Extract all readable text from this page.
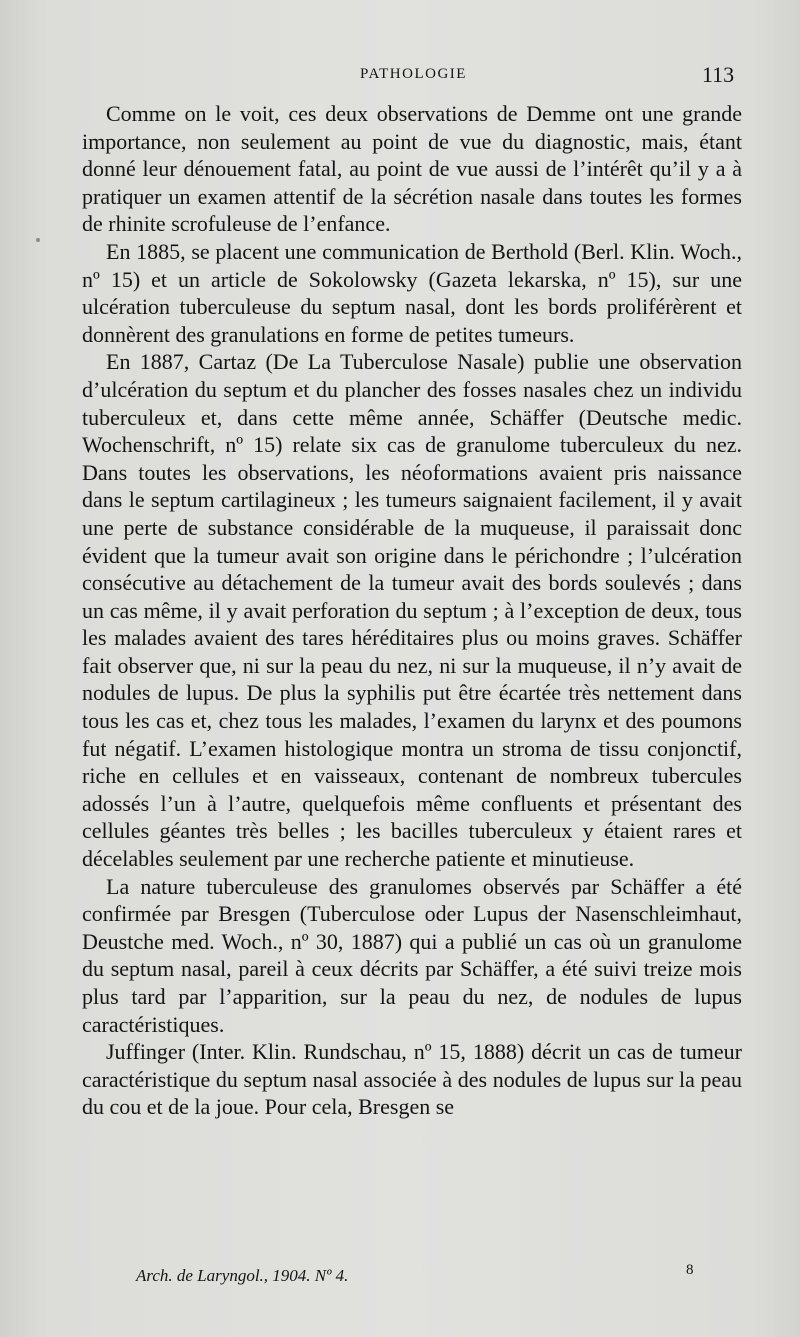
PATHOLOGIE	113

Comme on le voit, ces deux observations de Demme ont une grande importance, non seulement au point de vue du diagnostic, mais, étant donné leur dénouement fatal, au point de vue aussi de l’intérêt qu’il y a à pratiquer un examen attentif de la sécrétion nasale dans toutes les formes de rhinite scrofuleuse de l’enfance.

En 1885, se placent une communication de Berthold (Berl. Klin. Woch., nº 15) et un article de Sokolowsky (Gazeta lekarska, nº 15), sur une ulcération tuberculeuse du septum nasal, dont les bords proliférèrent et donnèrent des granulations en forme de petites tumeurs.

En 1887, Cartaz (De La Tuberculose Nasale) publie une observation d’ulcération du septum et du plancher des fosses nasales chez un individu tuberculeux et, dans cette même année, Schäffer (Deutsche medic. Wochenschrift, nº 15) relate six cas de granulome tuberculeux du nez. Dans toutes les observations, les néoformations avaient pris naissance dans le septum cartilagineux ; les tumeurs saignaient facilement, il y avait une perte de substance considérable de la muqueuse, il paraissait donc évident que la tumeur avait son origine dans le périchondre ; l’ulcération consécutive au détachement de la tumeur avait des bords soulevés ; dans un cas même, il y avait perforation du septum ; à l’exception de deux, tous les malades avaient des tares héréditaires plus ou moins graves. Schäffer fait observer que, ni sur la peau du nez, ni sur la muqueuse, il n’y avait de nodules de lupus. De plus la syphilis put être écartée très nettement dans tous les cas et, chez tous les malades, l’examen du larynx et des poumons fut négatif. L’examen histologique montra un stroma de tissu conjonctif, riche en cellules et en vaisseaux, contenant de nombreux tubercules adossés l’un à l’autre, quelquefois même confluents et présentant des cellules géantes très belles ; les bacilles tuberculeux y étaient rares et décelables seulement par une recherche patiente et minutieuse.

La nature tuberculeuse des granulomes observés par Schäffer a été confirmée par Bresgen (Tuberculose oder Lupus der Nasenschleimhaut, Deustche med. Woch., nº 30, 1887) qui a publié un cas où un granulome du septum nasal, pareil à ceux décrits par Schäffer, a été suivi treize mois plus tard par l’apparition, sur la peau du nez, de nodules de lupus caractéristiques.

Juffinger (Inter. Klin. Rundschau, nº 15, 1888) décrit un cas de tumeur caractéristique du septum nasal associée à des nodules de lupus sur la peau du cou et de la joue. Pour cela, Bresgen se

Arch. de Laryngol., 1904. Nº 4.	8
